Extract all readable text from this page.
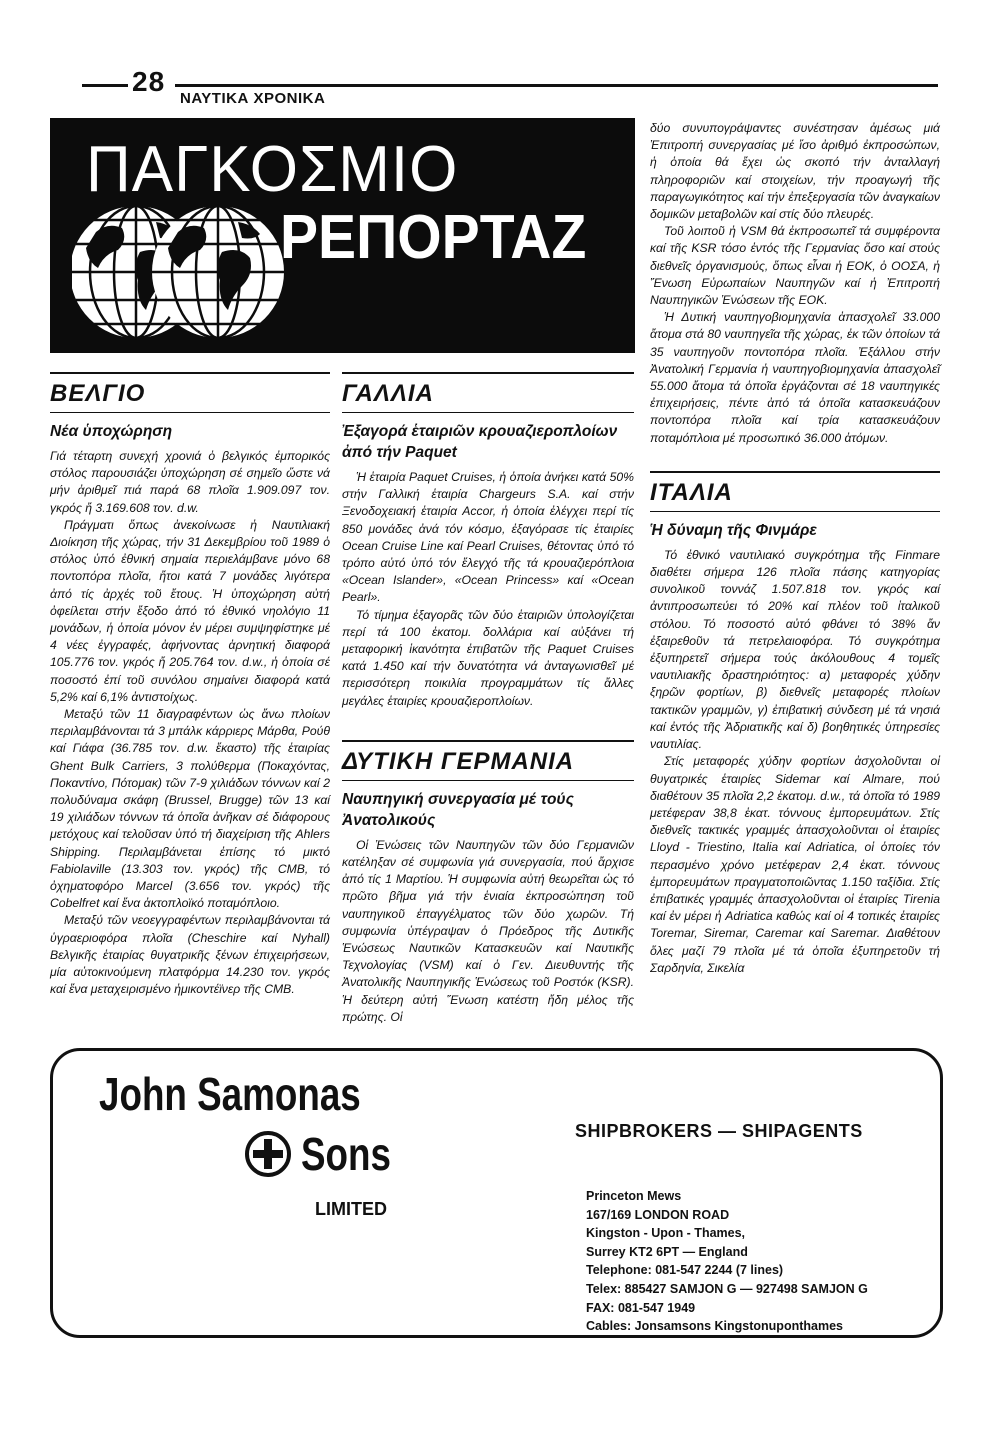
28
ΝΑΥΤΙΚΑ ΧΡΟΝΙΚΑ
ΠΑΓΚΟΣΜΙΟ
ΡΕΠΟΡΤΑΖ
ΒΕΛΓΙΟ
Νέα ὑποχώρηση

Γιά τέταρτη συνεχή χρονιά ὁ βελγικός ἐμπορικός στόλος παρουσιάζει ὑποχώρηση σέ σημεῖο ὥστε νά μήν ἀριθμεῖ πιά παρά 68 πλοῖα 1.909.097 τον. γκρός ἤ 3.169.608 τον. d.w.

Πράγματι ὅπως ἀνεκοίνωσε ἡ Ναυτιλιακή Διοίκηση τῆς χώρας, τήν 31 Δεκεμβρίου τοῦ 1989 ὁ στόλος ὑπό ἐθνική σημαία περιελάμβανε μόνο 68 ποντοπόρα πλοῖα, ἤτοι κατά 7 μονάδες λιγότερα ἀπό τίς ἀρχές τοῦ ἔτους. Ἡ ὑποχώρηση αὐτή ὀφείλεται στήν ἔξοδο ἀπό τό ἐθνικό νηολόγιο 11 μονάδων, ἡ ὁποία μόνον ἐν μέρει συμψηφίστηκε μέ 4 νέες ἐγγραφές, ἀφήνοντας ἀρνητική διαφορά 105.776 τον. γκρός ἤ 205.764 τον. d.w., ἡ ὁποία σέ ποσοστό ἐπί τοῦ συνόλου σημαίνει διαφορά κατά 5,2% καί 6,1% ἀντιστοίχως.

Μεταξύ τῶν 11 διαγραφέντων ὡς ἄνω πλοίων περιλαμβάνονται τά 3 μπάλκ κάρριερς Μάρθα, Ρούθ καί Γιάφα (36.785 τον. d.w. ἕκαστο) τῆς ἑταιρίας Ghent Bulk Carriers, 3 πολύθερμα (Ποκαχόντας, Ποκαντίνο, Πότομακ) τῶν 7-9 χιλιάδων τόννων καί 2 πολυδύναμα σκάφη (Brussel, Brugge) τῶν 13 καί 19 χιλιάδων τόννων τά ὁποῖα ἀνῆκαν σέ διάφορους μετόχους καί τελοῦσαν ὑπό τή διαχείριση τῆς Ahlers Shipping. Περιλαμβάνεται ἐπίσης τό μικτό Fabiolaville (13.303 τον. γκρός) τῆς CMB, τό ὀχηματοφόρο Marcel (3.656 τον. γκρός) τῆς Cobelfret καί ἕνα ἀκτοπλοϊκό ποταμόπλοιο.

Μεταξύ τῶν νεοεγγραφέντων περιλαμβάνονται τά ὑγραεριοφόρα πλοῖα (Cheschire καί Nyhall) Βελγικῆς ἑταιρίας θυγατρικῆς ξένων ἐπιχειρήσεων, μία αὐτοκινούμενη πλατφόρμα 14.230 τον. γκρός καί ἕνα μεταχειρισμένο ἡμικοντέϊνερ τῆς CMB.

ΓΑΛΛΙΑ
Ἐξαγορά ἑταιριῶν κρουαζιεροπλοίων ἀπό τήν Paquet

Ἡ ἑταιρία Paquet Cruises, ἡ ὁποία ἀνήκει κατά 50% στήν Γαλλική ἑταιρία Chargeurs S.A. καί στήν Ξενοδοχειακή ἑταιρία Accor, ἡ ὁποία ἐλέγχει περί τίς 850 μονάδες ἀνά τόν κόσμο, ἐξαγόρασε τίς ἑταιρίες Ocean Cruise Line καί Pearl Cruises, θέτοντας ὑπό τό τρόπο αὐτό ὑπό τόν ἔλεγχό τῆς τά κρουαζιερόπλοια «Ocean Islander», «Ocean Princess» καί «Ocean Pearl».

Τό τίμημα ἐξαγορᾶς τῶν δύο ἑταιριῶν ὑπολογίζεται περί τά 100 ἑκατομ. δολλάρια καί αὐξάνει τή μεταφορική ἱκανότητα ἐπιβατῶν τῆς Paquet Cruises κατά 1.450 καί τήν δυνατότητα νά ἀνταγωνισθεῖ μέ περισσότερη ποικιλία προγραμμάτων τίς ἄλλες μεγάλες ἑταιρίες κρουαζιεροπλοίων.

ΔΥΤΙΚΗ ΓΕΡΜΑΝΙΑ
Ναυπηγική συνεργασία μέ τούς Ἀνατολικούς

Οἱ Ἑνώσεις τῶν Ναυπηγῶν τῶν δύο Γερμανιῶν κατέληξαν σέ συμφωνία γιά συνεργασία, πού ἄρχισε ἀπό τίς 1 Μαρτίου. Ἡ συμφωνία αὐτή θεωρεῖται ὡς τό πρῶτο βῆμα γιά τήν ἑνιαία ἐκπροσώπηση τοῦ ναυπηγικοῦ ἐπαγγέλματος τῶν δύο χωρῶν. Τή συμφωνία ὑπέγραψαν ὁ Πρόεδρος τῆς Δυτικῆς Ἑνώσεως Ναυτικῶν Κατασκευῶν καί Ναυτικῆς Τεχνολογίας (VSM) καί ὁ Γεν. Διευθυντής τῆς Ἀνατολικῆς Ναυπηγικῆς Ἑνώσεως τοῦ Ροστόκ (KSR). Ἡ δεύτερη αὐτή Ἕνωση κατέστη ἤδη μέλος τῆς πρώτης. Οἱ

δύο συνυπογράψαντες συνέστησαν ἀμέσως μιά Ἐπιτροπή συνεργασίας μέ ἴσο ἀριθμό ἐκπροσώπων, ἡ ὁποία θά ἔχει ὡς σκοπό τήν ἀνταλλαγή πληροφοριῶν καί στοιχείων, τήν προαγωγή τῆς παραγωγικότητος καί τήν ἐπεξεργασία τῶν ἀναγκαίων δομικῶν μεταβολῶν καί στίς δύο πλευρές.

Τοῦ λοιποῦ ἡ VSM θά ἐκπροσωπεῖ τά συμφέροντα καί τῆς KSR τόσο ἐντός τῆς Γερμανίας ὅσο καί στούς διεθνεῖς ὀργανισμούς, ὅπως εἶναι ἡ ΕΟΚ, ὁ ΟΟΣΑ, ἡ Ἕνωση Εὐρωπαίων Ναυπηγῶν καί ἡ Ἐπιτροπή Ναυπηγικῶν Ἑνώσεων τῆς ΕΟΚ.

Ἡ Δυτική ναυπηγοβιομηχανία ἀπασχολεῖ 33.000 ἄτομα στά 80 ναυπηγεῖα τῆς χώρας, ἐκ τῶν ὁποίων τά 35 ναυπηγοῦν ποντοπόρα πλοῖα. Ἐξάλλου στήν Ἀνατολική Γερμανία ἡ ναυπηγοβιομηχανία ἀπασχολεῖ 55.000 ἄτομα τά ὁποῖα ἐργάζονται σέ 18 ναυπηγικές ἐπιχειρήσεις, πέντε ἀπό τά ὁποῖα κατασκευάζουν ποντοπόρα πλοῖα καί τρία κατασκευάζουν ποταμόπλοια μέ προσωπικό 36.000 ἀτόμων.

ΙΤΑΛΙΑ
Ἡ δύναμη τῆς Φινμάρε

Τό ἐθνικό ναυτιλιακό συγκρότημα τῆς Finmare διαθέτει σήμερα 126 πλοῖα πάσης κατηγορίας συνολικοῦ τοννάζ 1.507.818 τον. γκρός καί ἀντιπροσωπεύει τό 20% καί πλέον τοῦ ἰταλικοῦ στόλου. Τό ποσοστό αὐτό φθάνει τό 38% ἄν ἐξαιρεθοῦν τά πετρελαιοφόρα. Τό συγκρότημα ἐξυπηρετεῖ σήμερα τούς ἀκόλουθους 4 τομεῖς ναυτιλιακῆς δραστηριότητος: α) μεταφορές χύδην ξηρῶν φορτίων, β) διεθνεῖς μεταφορές πλοίων τακτικῶν γραμμῶν, γ) ἐπιβατική σύνδεση μέ τά νησιά καί ἐντός τῆς Ἀδριατικῆς καί δ) βοηθητικές ὑπηρεσίες ναυτιλίας.

Στίς μεταφορές χύδην φορτίων ἀσχολοῦνται οἱ θυγατρικές ἑταιρίες Sidemar καί Almare, πού διαθέτουν 35 πλοῖα 2,2 ἑκατομ. d.w., τά ὁποῖα τό 1989 μετέφεραν 38,8 ἑκατ. τόννους ἐμπορευμάτων. Στίς διεθνεῖς τακτικές γραμμές ἀπασχολοῦνται οἱ ἑταιρίες Lloyd - Triestino, Italia καί Adriatica, οἱ ὁποίες τόν περασμένο χρόνο μετέφεραν 2,4 ἑκατ. τόννους ἐμπορευμάτων πραγματοποιῶντας 1.150 ταξίδια. Στίς ἐπιβατικές γραμμές ἀπασχολοῦνται οἱ ἑταιρίες Tirenia καί ἐν μέρει ἡ Adriatica καθώς καί οἱ 4 τοπικές ἑταιρίες Toremar, Siremar, Caremar καί Saremar. Διαθέτουν ὅλες μαζί 79 πλοῖα μέ τά ὁποῖα ἐξυπηρετοῦν τή Σαρδηνία, Σικελία

John Samonas
Sons
LIMITED
SHIPBROKERS — SHIPAGENTS
Princeton Mews
167/169 LONDON ROAD
Kingston - Upon - Thames,
Surrey KT2 6PT — England
Telephone: 081-547 2244 (7 lines)
Telex: 885427 SAMJON G — 927498 SAMJON G
FAX: 081-547 1949
Cables: Jonsamsons Kingstonuponthames
